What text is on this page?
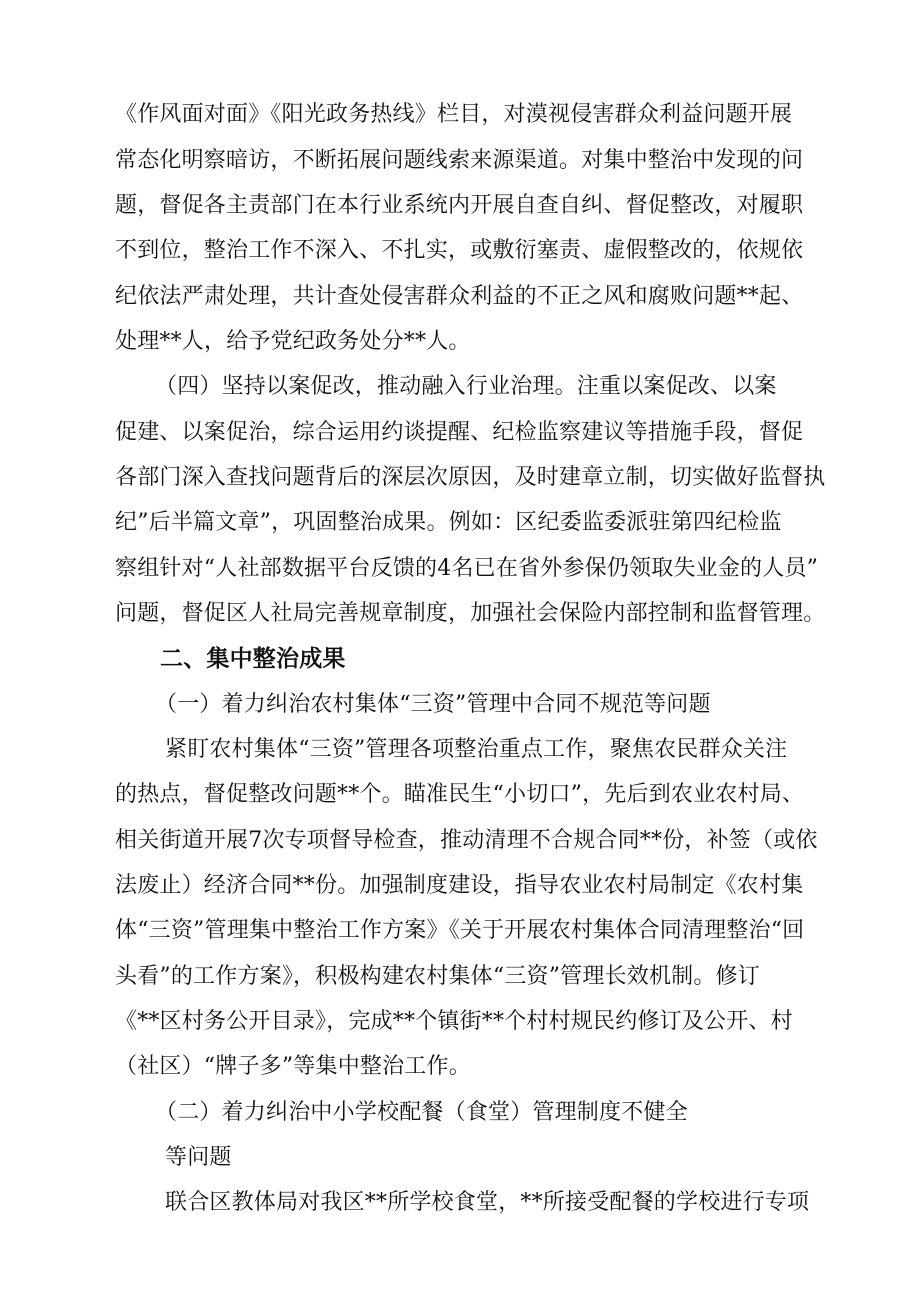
《作风面对面》《阳光政务热线》栏目，对漠视侵害群众利益问题开展
常态化明察暗访，不断拓展问题线索来源渠道。对集中整治中发现的问
题，督促各主责部门在本行业系统内开展自查自纠、督促整改，对履职
不到位，整治工作不深入、不扎实，或敷衍塞责、虚假整改的，依规依
纪依法严肃处理，共计查处侵害群众利益的不正之风和腐败问题**起、
处理**人，给予党纪政务处分**人。
（四）坚持以案促改，推动融入行业治理。注重以案促改、以案
促建、以案促治，综合运用约谈提醒、纪检监察建议等措施手段，督促
各部门深入查找问题背后的深层次原因，及时建章立制，切实做好监督执
纪”后半篇文章”，巩固整治成果。例如：区纪委监委派驻第四纪检监
察组针对“人社部数据平台反馈的4名已在省外参保仍领取失业金的人员”
问题，督促区人社局完善规章制度，加强社会保险内部控制和监督管理。
二、集中整治成果
（一）着力纠治农村集体“三资”管理中合同不规范等问题
紧盯农村集体“三资”管理各项整治重点工作，聚焦农民群众关注
的热点，督促整改问题**个。瞄准民生“小切口”，先后到农业农村局、
相关街道开展7次专项督导检查，推动清理不合规合同**份，补签（或依
法废止）经济合同**份。加强制度建设，指导农业农村局制定《农村集
体“三资”管理集中整治工作方案》《关于开展农村集体合同清理整治“回
头看”的工作方案》，积极构建农村集体“三资”管理长效机制。修订
《**区村务公开目录》，完成**个镇街**个村村规民约修订及公开、村
（社区）“牌子多”等集中整治工作。
（二）着力纠治中小学校配餐（食堂）管理制度不健全
等问题
联合区教体局对我区**所学校食堂，**所接受配餐的学校进行专项
